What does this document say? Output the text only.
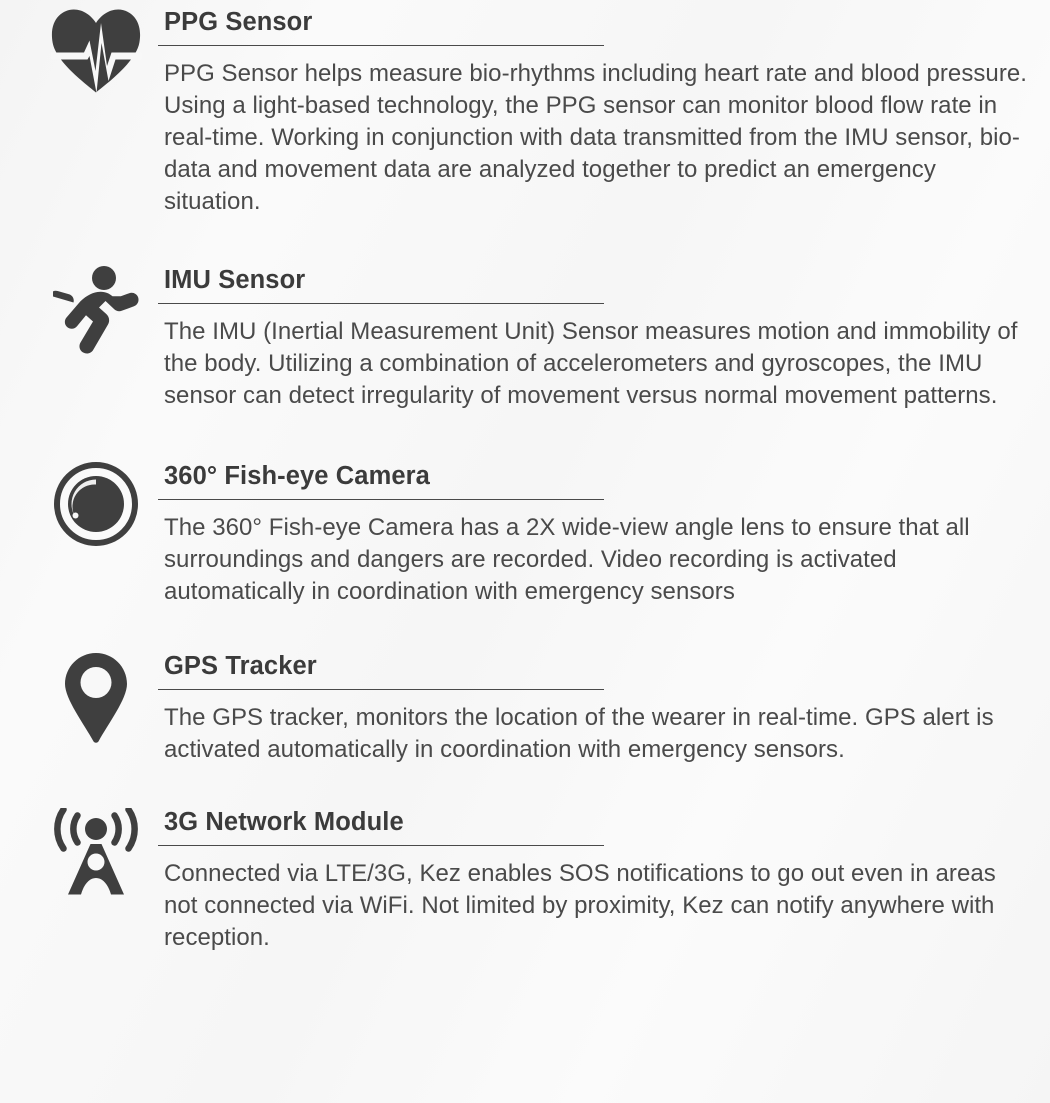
PPG Sensor

PPG Sensor helps measure bio-rhythms including heart rate and blood pressure. Using a light-based technology, the PPG sensor can monitor blood flow rate in real-time. Working in conjunction with data transmitted from the IMU sensor, bio-data and movement data are analyzed together to predict an emergency situation.

IMU Sensor

The IMU (Inertial Measurement Unit) Sensor measures motion and immobility of the body. Utilizing a combination of accelerometers and gyroscopes, the IMU sensor can detect irregularity of movement versus normal movement patterns.

360° Fish-eye Camera

The 360° Fish-eye Camera has a 2X wide-view angle lens to ensure that all surroundings and dangers are recorded. Video recording is activated automatically in coordination with emergency sensors

GPS Tracker

The GPS tracker, monitors the location of the wearer in real-time. GPS alert is activated automatically in coordination with emergency sensors.

3G Network Module

Connected via LTE/3G, Kez enables SOS notifications to go out even in areas not connected via WiFi. Not limited by proximity, Kez can notify anywhere with reception.
